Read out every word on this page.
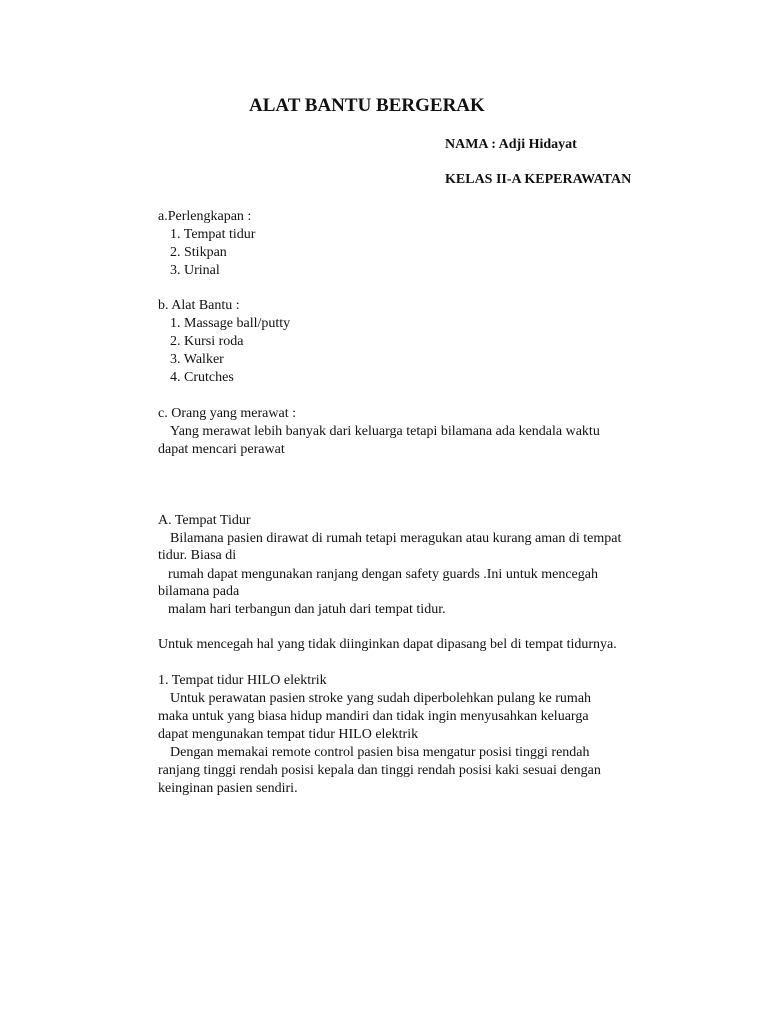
ALAT BANTU BERGERAK
NAMA : Adji Hidayat
KELAS II-A KEPERAWATAN
a.Perlengkapan :
1. Tempat tidur
2. Stikpan
3. Urinal
b. Alat Bantu :
1. Massage ball/putty
2. Kursi roda
3. Walker
4. Crutches
c. Orang yang merawat :
Yang merawat lebih banyak dari keluarga tetapi bilamana ada kendala waktu
dapat mencari perawat
A. Tempat Tidur
Bilamana pasien dirawat di rumah tetapi meragukan atau kurang aman di tempat
tidur. Biasa di
rumah dapat mengunakan ranjang dengan safety guards .Ini untuk mencegah
bilamana pada
malam hari terbangun dan jatuh dari tempat tidur.
Untuk mencegah hal yang tidak diinginkan dapat dipasang bel di tempat tidurnya.
1. Tempat tidur HILO elektrik
Untuk perawatan pasien stroke yang sudah diperbolehkan pulang ke rumah
maka untuk yang biasa hidup mandiri dan tidak ingin menyusahkan keluarga
dapat mengunakan tempat tidur HILO elektrik
Dengan memakai remote control pasien bisa mengatur posisi tinggi rendah
ranjang tinggi rendah posisi kepala dan tinggi rendah posisi kaki sesuai dengan
keinginan pasien sendiri.
